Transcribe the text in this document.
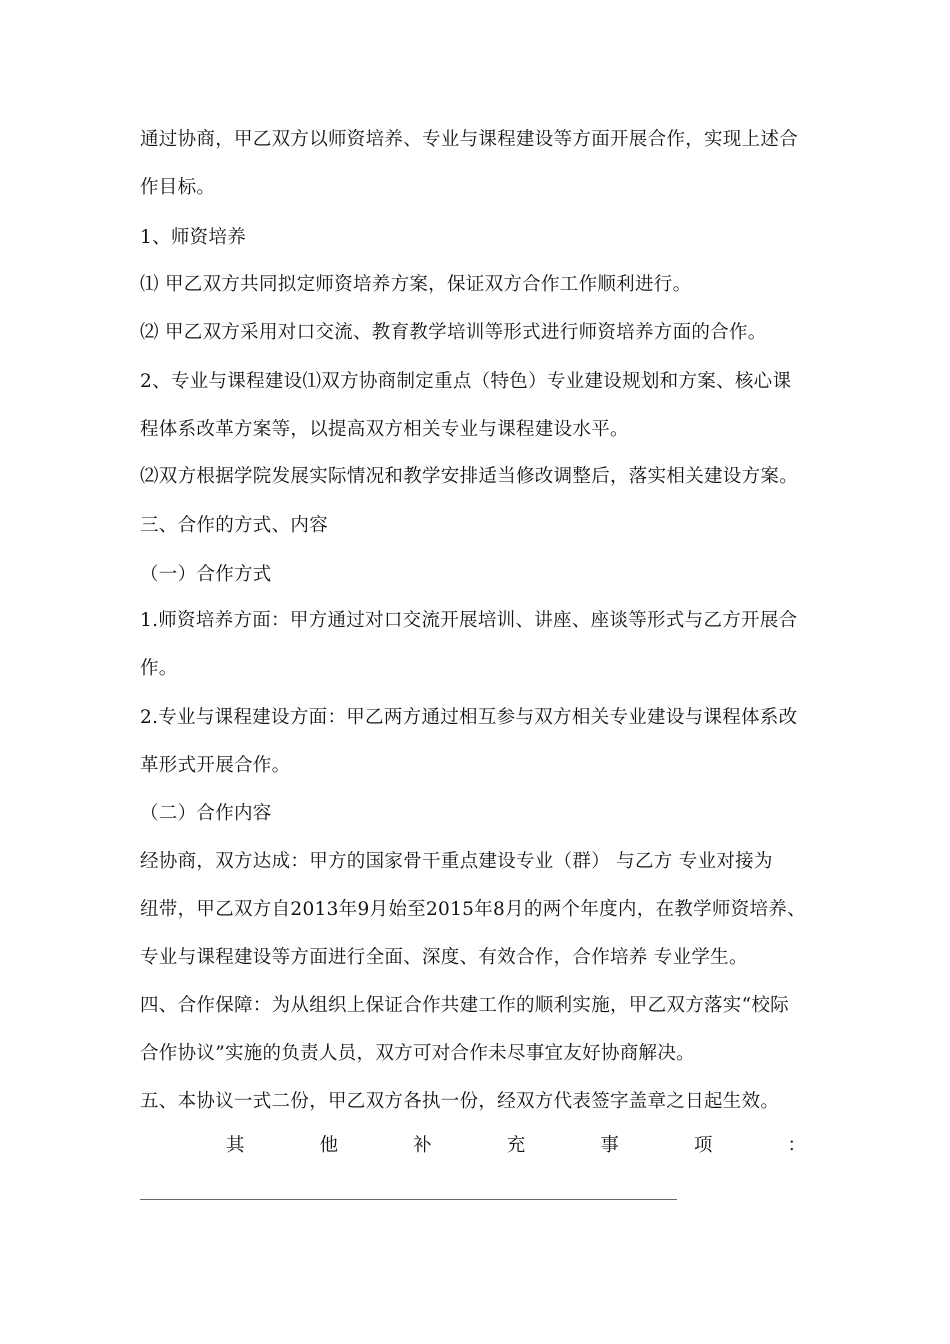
通过协商，甲乙双方以师资培养、专业与课程建设等方面开展合作，实现上述合
作目标。
1、师资培养
⑴ 甲乙双方共同拟定师资培养方案，保证双方合作工作顺利进行。
⑵ 甲乙双方采用对口交流、教育教学培训等形式进行师资培养方面的合作。
2、专业与课程建设⑴双方协商制定重点（特色）专业建设规划和方案、核心课
程体系改革方案等，以提高双方相关专业与课程建设水平。
⑵双方根据学院发展实际情况和教学安排适当修改调整后，落实相关建设方案。
三、合作的方式、内容
（一）合作方式
1.师资培养方面：甲方通过对口交流开展培训、讲座、座谈等形式与乙方开展合
作。
2.专业与课程建设方面：甲乙两方通过相互参与双方相关专业建设与课程体系改
革形式开展合作。
（二）合作内容
经协商，双方达成：甲方的国家骨干重点建设专业（群） 与乙方 专业对接为
纽带，甲乙双方自2013年9月始至2015年8月的两个年度内，在教学师资培养、
专业与课程建设等方面进行全面、深度、有效合作，合作培养 专业学生。
四、合作保障：为从组织上保证合作共建工作的顺利实施，甲乙双方落实“校际
合作协议”实施的负责人员，双方可对合作未尽事宜友好协商解决。
五、本协议一式二份，甲乙双方各执一份，经双方代表签字盖章之日起生效。
其	他	补	充	事	项	：
